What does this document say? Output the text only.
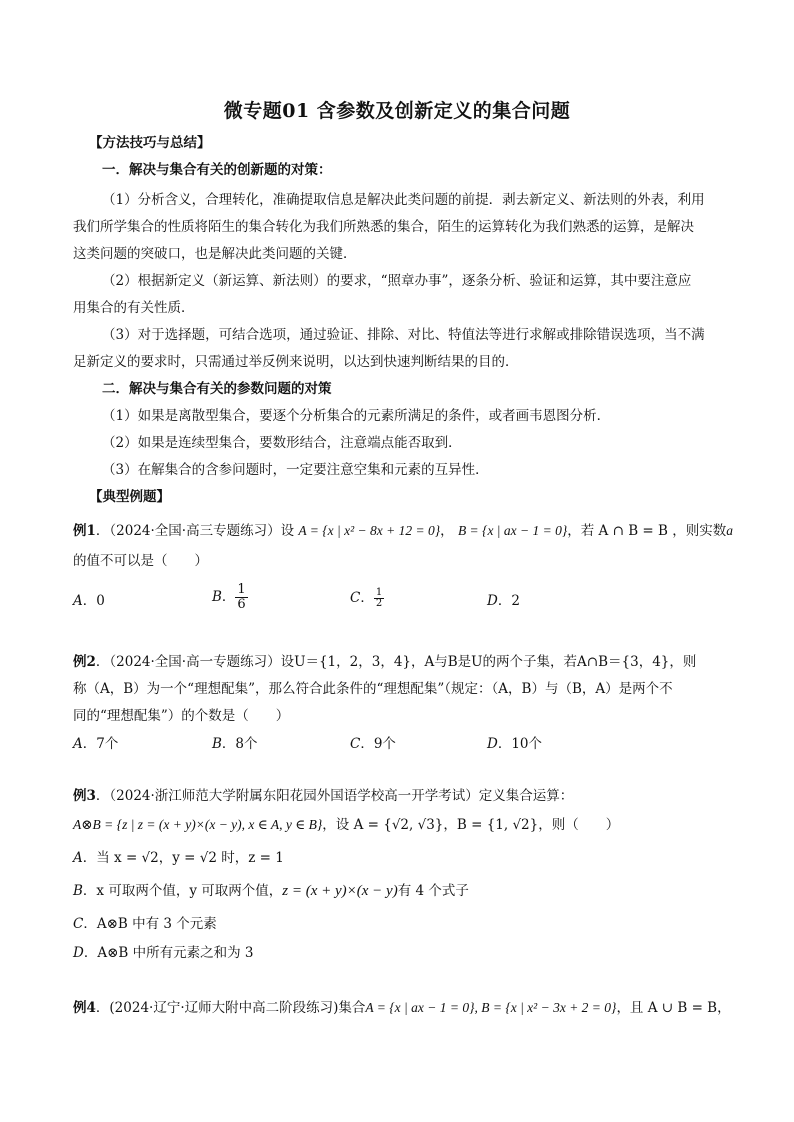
微专题01 含参数及创新定义的集合问题
【方法技巧与总结】
一．解决与集合有关的创新题的对策：
（1）分析含义，合理转化，准确提取信息是解决此类问题的前提．剥去新定义、新法则的外表，利用
我们所学集合的性质将陌生的集合转化为我们所熟悉的集合，陌生的运算转化为我们熟悉的运算，是解决
这类问题的突破口，也是解决此类问题的关键．
（2）根据新定义（新运算、新法则）的要求，“照章办事”，逐条分析、验证和运算，其中要注意应
用集合的有关性质．
（3）对于选择题，可结合选项，通过验证、排除、对比、特值法等进行求解或排除错误选项，当不满
足新定义的要求时，只需通过举反例来说明，以达到快速判断结果的目的．
二．解决与集合有关的参数问题的对策
（1）如果是离散型集合，要逐个分析集合的元素所满足的条件，或者画韦恩图分析．
（2）如果是连续型集合，要数形结合，注意端点能否取到．
（3）在解集合的含参问题时，一定要注意空集和元素的互异性．
【典型例题】
例1．（2024·全国·高三专题练习）设 A = {x | x² − 8x + 12 = 0}， B = {x | ax − 1 = 0}，若 A ∩ B = B ，则实数a
的值不可以是（　　）
A．0	B． $\frac{1}{6}$	C． $\frac{1}{2}$	D．2
例2．（2024·全国·高一专题练习）设U＝{1，2，3，4}，A与B是U的两个子集，若A∩B＝{3，4}，则
称（A，B）为一个“理想配集”，那么符合此条件的“理想配集”（规定：（A，B）与（B，A）是两个不
同的“理想配集”）的个数是（　　）
A．7个	B．8个	C．9个	D．10个
例3．（2024·浙江师范大学附属东阳花园外国语学校高一开学考试）定义集合运算：
A⊗B = {z | z = (x + y)×(x − y), x ∈ A, y ∈ B}，设 A = {√2, √3}，B = {1, √2}，则（　　）
A．当 x = √2，y = √2 时，z = 1
B．x 可取两个值，y 可取两个值，z = (x + y)×(x − y)有 4 个式子
C．A⊗B 中有 3 个元素
D．A⊗B 中所有元素之和为 3
例4．(2024·辽宁·辽师大附中高二阶段练习)集合A = {x | ax − 1 = 0}, B = {x | x² − 3x + 2 = 0}，且 A ∪ B = B，
